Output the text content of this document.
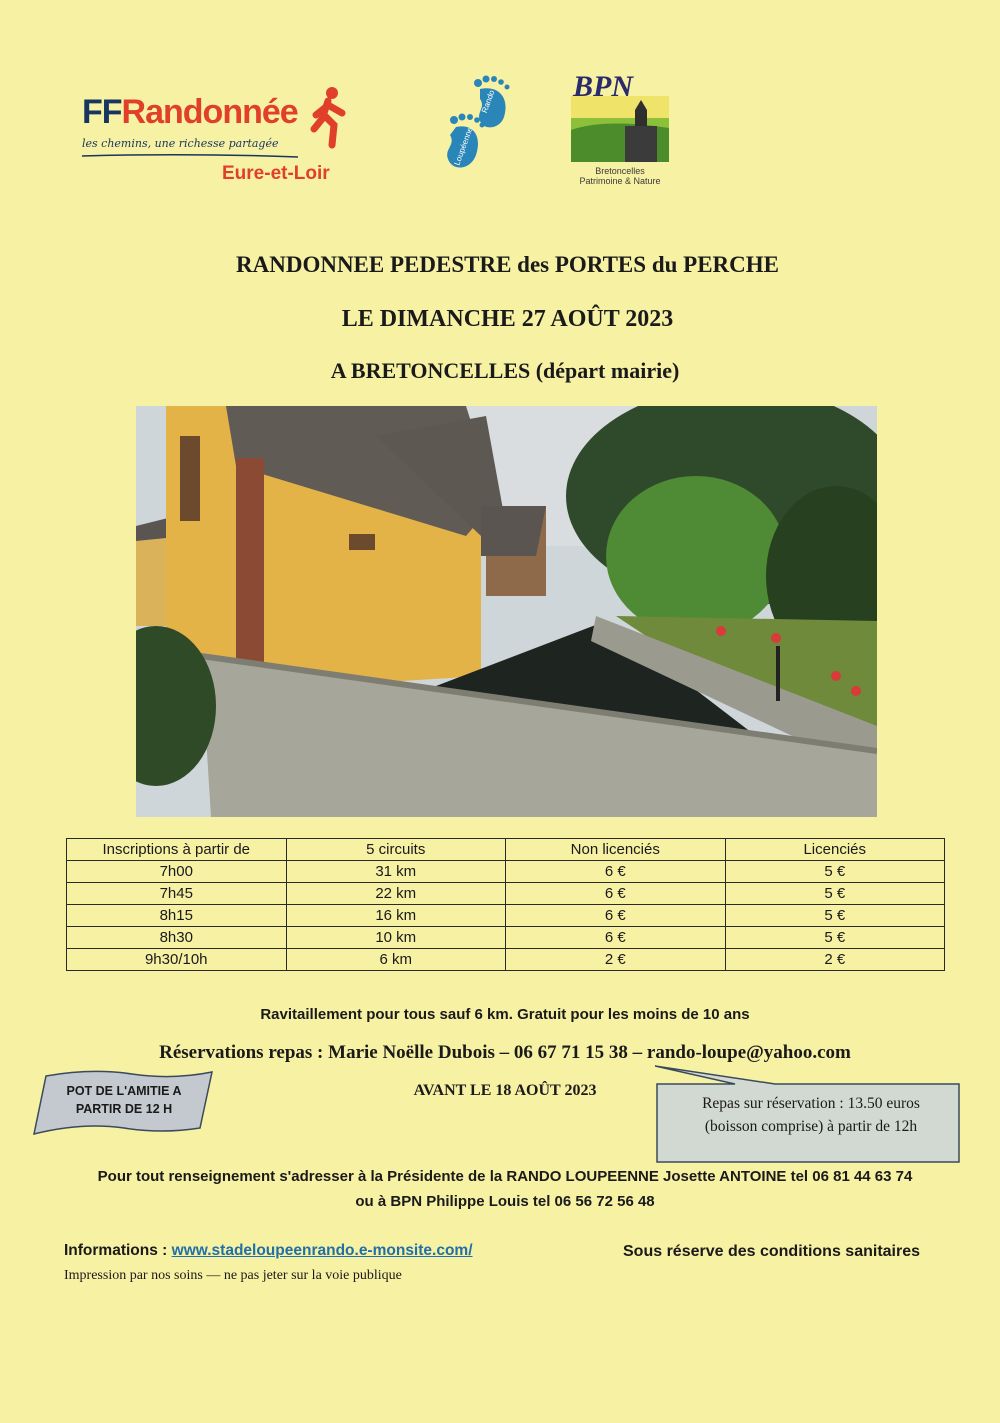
FFRandonnée
les chemins, une richesse partagée
Eure-et-Loir
Rando
Loupéenne
BPN
Bretoncelles
Patrimoine & Nature
RANDONNEE PEDESTRE des PORTES du PERCHE
LE DIMANCHE 27 AOÛT 2023
A BRETONCELLES (départ mairie)
Inscriptions à partir de	5 circuits	Non licenciés	Licenciés
7h00	31 km	6 €	5 €
7h45	22 km	6 €	5 €
8h15	16 km	6 €	5 €
8h30	10 km	6 €	5 €
9h30/10h	6 km	2 €	2 €
Ravitaillement pour tous sauf 6 km. Gratuit pour les moins de 10 ans
Réservations repas : Marie Noëlle Dubois – 06 67 71 15 38 – rando-loupe@yahoo.com
AVANT LE 18 AOÛT 2023
POT DE L'AMITIE A
PARTIR DE 12 H	Repas sur réservation : 13.50 euros
(boisson comprise) à partir de 12h
Pour tout renseignement s'adresser à la Présidente de la RANDO LOUPEENNE Josette ANTOINE tel 06 81 44 63 74
ou à BPN Philippe Louis tel 06 56 72 56 48
Informations : www.stadeloupeenrando.e-monsite.com/	Sous réserve des conditions sanitaires
Impression par nos soins — ne pas jeter sur la voie publique
